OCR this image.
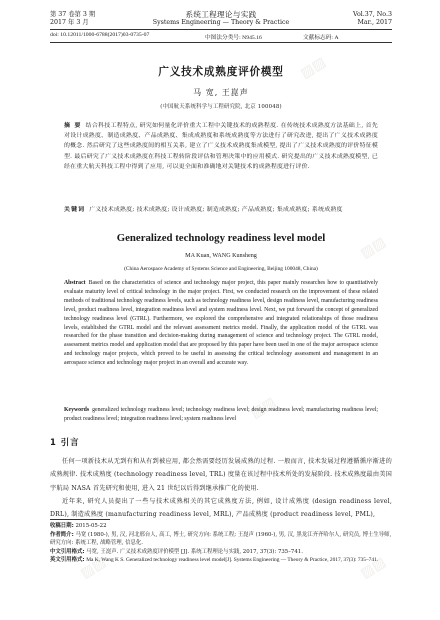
▨▨
▨▨
▨▨
▨▨	▨▨
第 37 卷第 3 期
2017 年 3 月
系统工程理论与实践
Systems Engineering — Theory & Practice
Vol.37, No.3
Mar., 2017
doi: 10.12011/1000-6788(2017)03-0735-07	中图法分类号: N945.16	文献标志码: A
广义技术成熟度评价模型
马 宽, 王崑声
(中国航天系统科学与工程研究院, 北京 100048)
摘 要 结合科技工程特点, 研究如何量化评价重大工程中关键技术的成熟程度. 在传统技术成熟度方法基础上, 首先对设计成熟度、制造成熟度、产品成熟度、集成成熟度和系统成熟度等方法进行了研究改进, 提出了广义技术成熟度的概念. 然后研究了这些成熟度间的相互关系, 建立了广义技术成熟度集成模型, 提出了广义技术成熟度的评价特征模型. 最后研究了广义技术成熟度在科技工程转阶段评估和管理决策中的应用模式. 研究提出的广义技术成熟度模型, 已经在重大航天科技工程中得到了应用, 可以更全面和准确地对关键技术的成熟程度进行评价.
关键词 广义技术成熟度; 技术成熟度; 设计成熟度; 制造成熟度; 产品成熟度; 集成成熟度; 系统成熟度
Generalized technology readiness level model
MA Kuan, WANG Kunsheng
(China Aerospace Academy of Systems Science and Engineering, Beijing 100048, China)
Abstract Based on the characteristics of science and technology major project, this paper mainly researches how to quantitatively evaluate maturity level of critical technology in the major project. First, we conducted research on the improvement of these related methods of traditional technology readiness levels, such as technology readiness level, design readiness level, manufacturing readiness level, product readiness level, integration readiness level and system readiness level. Next, we put forward the concept of generalized technology readiness level (GTRL). Furthermore, we explored the comprehensive and integrated relationships of those readiness levels, established the GTRL model and the relevant assessment metrics model. Finally, the application model of the GTRL was researched for the phase transition and decision-making during management of science and technology project. The GTRL model, assessment metrics model and application model that are proposed by this paper have been used in one of the major aerospace science and technology major projects, which proved to be useful in assessing the critical technology assessment and management in an aerospace science and technology major project in an overall and accurate way.
Keywords generalized technology readiness level; technology readiness level; design readiness level; manufacturing readiness level; product readiness level; integration readiness level; system readiness level
1 引言

任何一项新技术从无到有和从有到被应用, 都会然需要经历发展成熟的过程. 一般而言, 技术发展过程遵循循序渐进的成熟规律. 技术成熟度 (technology readiness level, TRL) 度量在该过程中技术所处的发展阶段. 技术成熟度最由美国宇航局 NASA 首先研究和使用, 进入 21 世纪以后得到继承推广化的使用.

近年来, 研究人员提出了一些与技术成熟相关的其它成熟度方法, 例如, 设计成熟度 (design readiness level, DRL), 制造成熟度 (manufacturing readiness level, MRL), 产品成熟度 (product readiness level, PML),

收稿日期: 2015-05-22
作者简介: 马宽 (1980-), 男, 汉, 河北邢台人, 高工, 博士, 研究方向: 系统工程; 王崑声 (1960-), 男, 汉, 黑龙江齐齐哈尔人, 研究员, 博士生导师, 研究方向: 系统工程, 战略管理, 信息化.
中文引用格式: 马宽, 王崑声. 广义技术成熟度评价模型 [J]. 系统工程理论与实践, 2017, 37(3): 735–741.
英文引用格式: Ma K, Wang K S. Generalized technology readiness level model[J]. Systems Engineering — Theory & Practice, 2017, 37(3): 735–741.
